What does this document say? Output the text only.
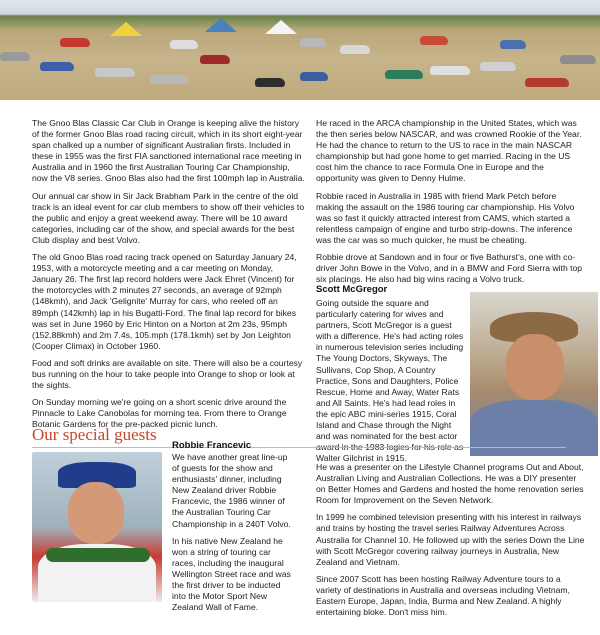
The Gnoo Blas Classic Car Club in Orange is keeping alive the history of the former Gnoo Blas road racing circuit, which in its short eight-year span chalked up a number of significant Australian firsts. Included in these in 1955 was the first FIA sanctioned international race meeting in Australia and in 1960 the first Australian Touring Car Championship, now the V8 series. Gnoo Blas also had the first 100mph lap in Australia.

Our annual car show in Sir Jack Brabham Park in the centre of the old track is an ideal event for car club members to show off their vehicles to the public and enjoy a great weekend away. There will be 10 award categories, including car of the show, and special awards for the best Club display and best Volvo.

The old Gnoo Blas road racing track opened on Saturday January 24, 1953, with a motorcycle meeting and a car meeting on Monday, January 26. The first lap record holders were Jack Ehret (Vincent) for the motorcycles with 2 minutes 27 seconds, an average of 92mph (148kmh), and Jack 'Gelignite' Murray for cars, who reeled off an 89mph (142kmh) lap in his Bugatti-Ford. The final lap record for bikes was set in June 1960 by Eric Hinton on a Norton at 2m 23s, 95mph (152.88kmh) and 2m 7.4s, 105.mph (178.1kmh) set by Jon Leighton (Cooper Climax) in October 1960.

Food and soft drinks are available on site. There will also be a courtesy bus running on the hour to take people into Orange to shop or look at the sights.

On Sunday morning we're going on a short scenic drive around the Pinnacle to Lake Canobolas for morning tea. From there to Orange Botanic Gardens for the pre-packed picnic lunch.

He raced in the ARCA championship in the United States, which was the then series below NASCAR, and was crowned Rookie of the Year. He had the chance to return to the US to race in the main NASCAR championship but had gone home to get married. Racing in the US cost him the chance to race Formula One in Europe and the opportunity was given to Denny Hulme.

Robbie raced in Australia in 1985 with friend Mark Petch before making the assault on the 1986 touring car championship. His Volvo was so fast it quickly attracted interest from CAMS, which started a relentless campaign of engine and turbo strip-downs. The inference was the car was so much quicker, he must be cheating.

Robbie drove at Sandown and in four or five Bathurst's, one with co-driver John Bowe in the Volvo, and in a BMW and Ford Sierra with top six placings. He also had big wins racing a Volvo truck.

Scott McGregor

Going outside the square and particularly catering for wives and partners, Scott McGregor is a guest with a difference. He's had acting roles in numerous television series including The Young Doctors, Skyways, The Sullivans, Cop Shop, A Country Practice, Sons and Daughters, Police Rescue, Home and Away, Water Rats and All Saints. He's had lead roles in the epic ABC mini-series 1915, Coral Island and Chase through the Night and was nominated for the best actor award in the 1983 logies for his role as Walter Gilchrist in 1915.

He was a presenter on the Lifestyle Channel programs Out and About, Australian Living and Australian Collections. He was a DIY presenter on Better Homes and Gardens and hosted the home renovation series Room for Improvement on the Seven Network.

In 1999 he combined television presenting with his interest in railways and trains by hosting the travel series Railway Adventures Across Australia for Channel 10. He followed up with the series Down the Line with Scott McGregor covering railway journeys in Australia, New Zealand and Vietnam.

Since 2007 Scott has been hosting Railway Adventure tours to a variety of destinations in Australia and overseas including Vietnam, Eastern Europe, Japan, India, Burma and New Zealand. A highly entertaining bloke. Don't miss him.

Our special guests
Robbie Francevic

We have another great line-up of guests for the show and enthusiasts' dinner, including New Zealand driver Robbie Francevic, the 1986 winner of the Australian Touring Car Championship in a 240T Volvo.

In his native New Zealand he won a string of touring car races, including the inaugural Wellington Street race and was the first driver to be inducted into the Motor Sport New Zealand Wall of Fame.
